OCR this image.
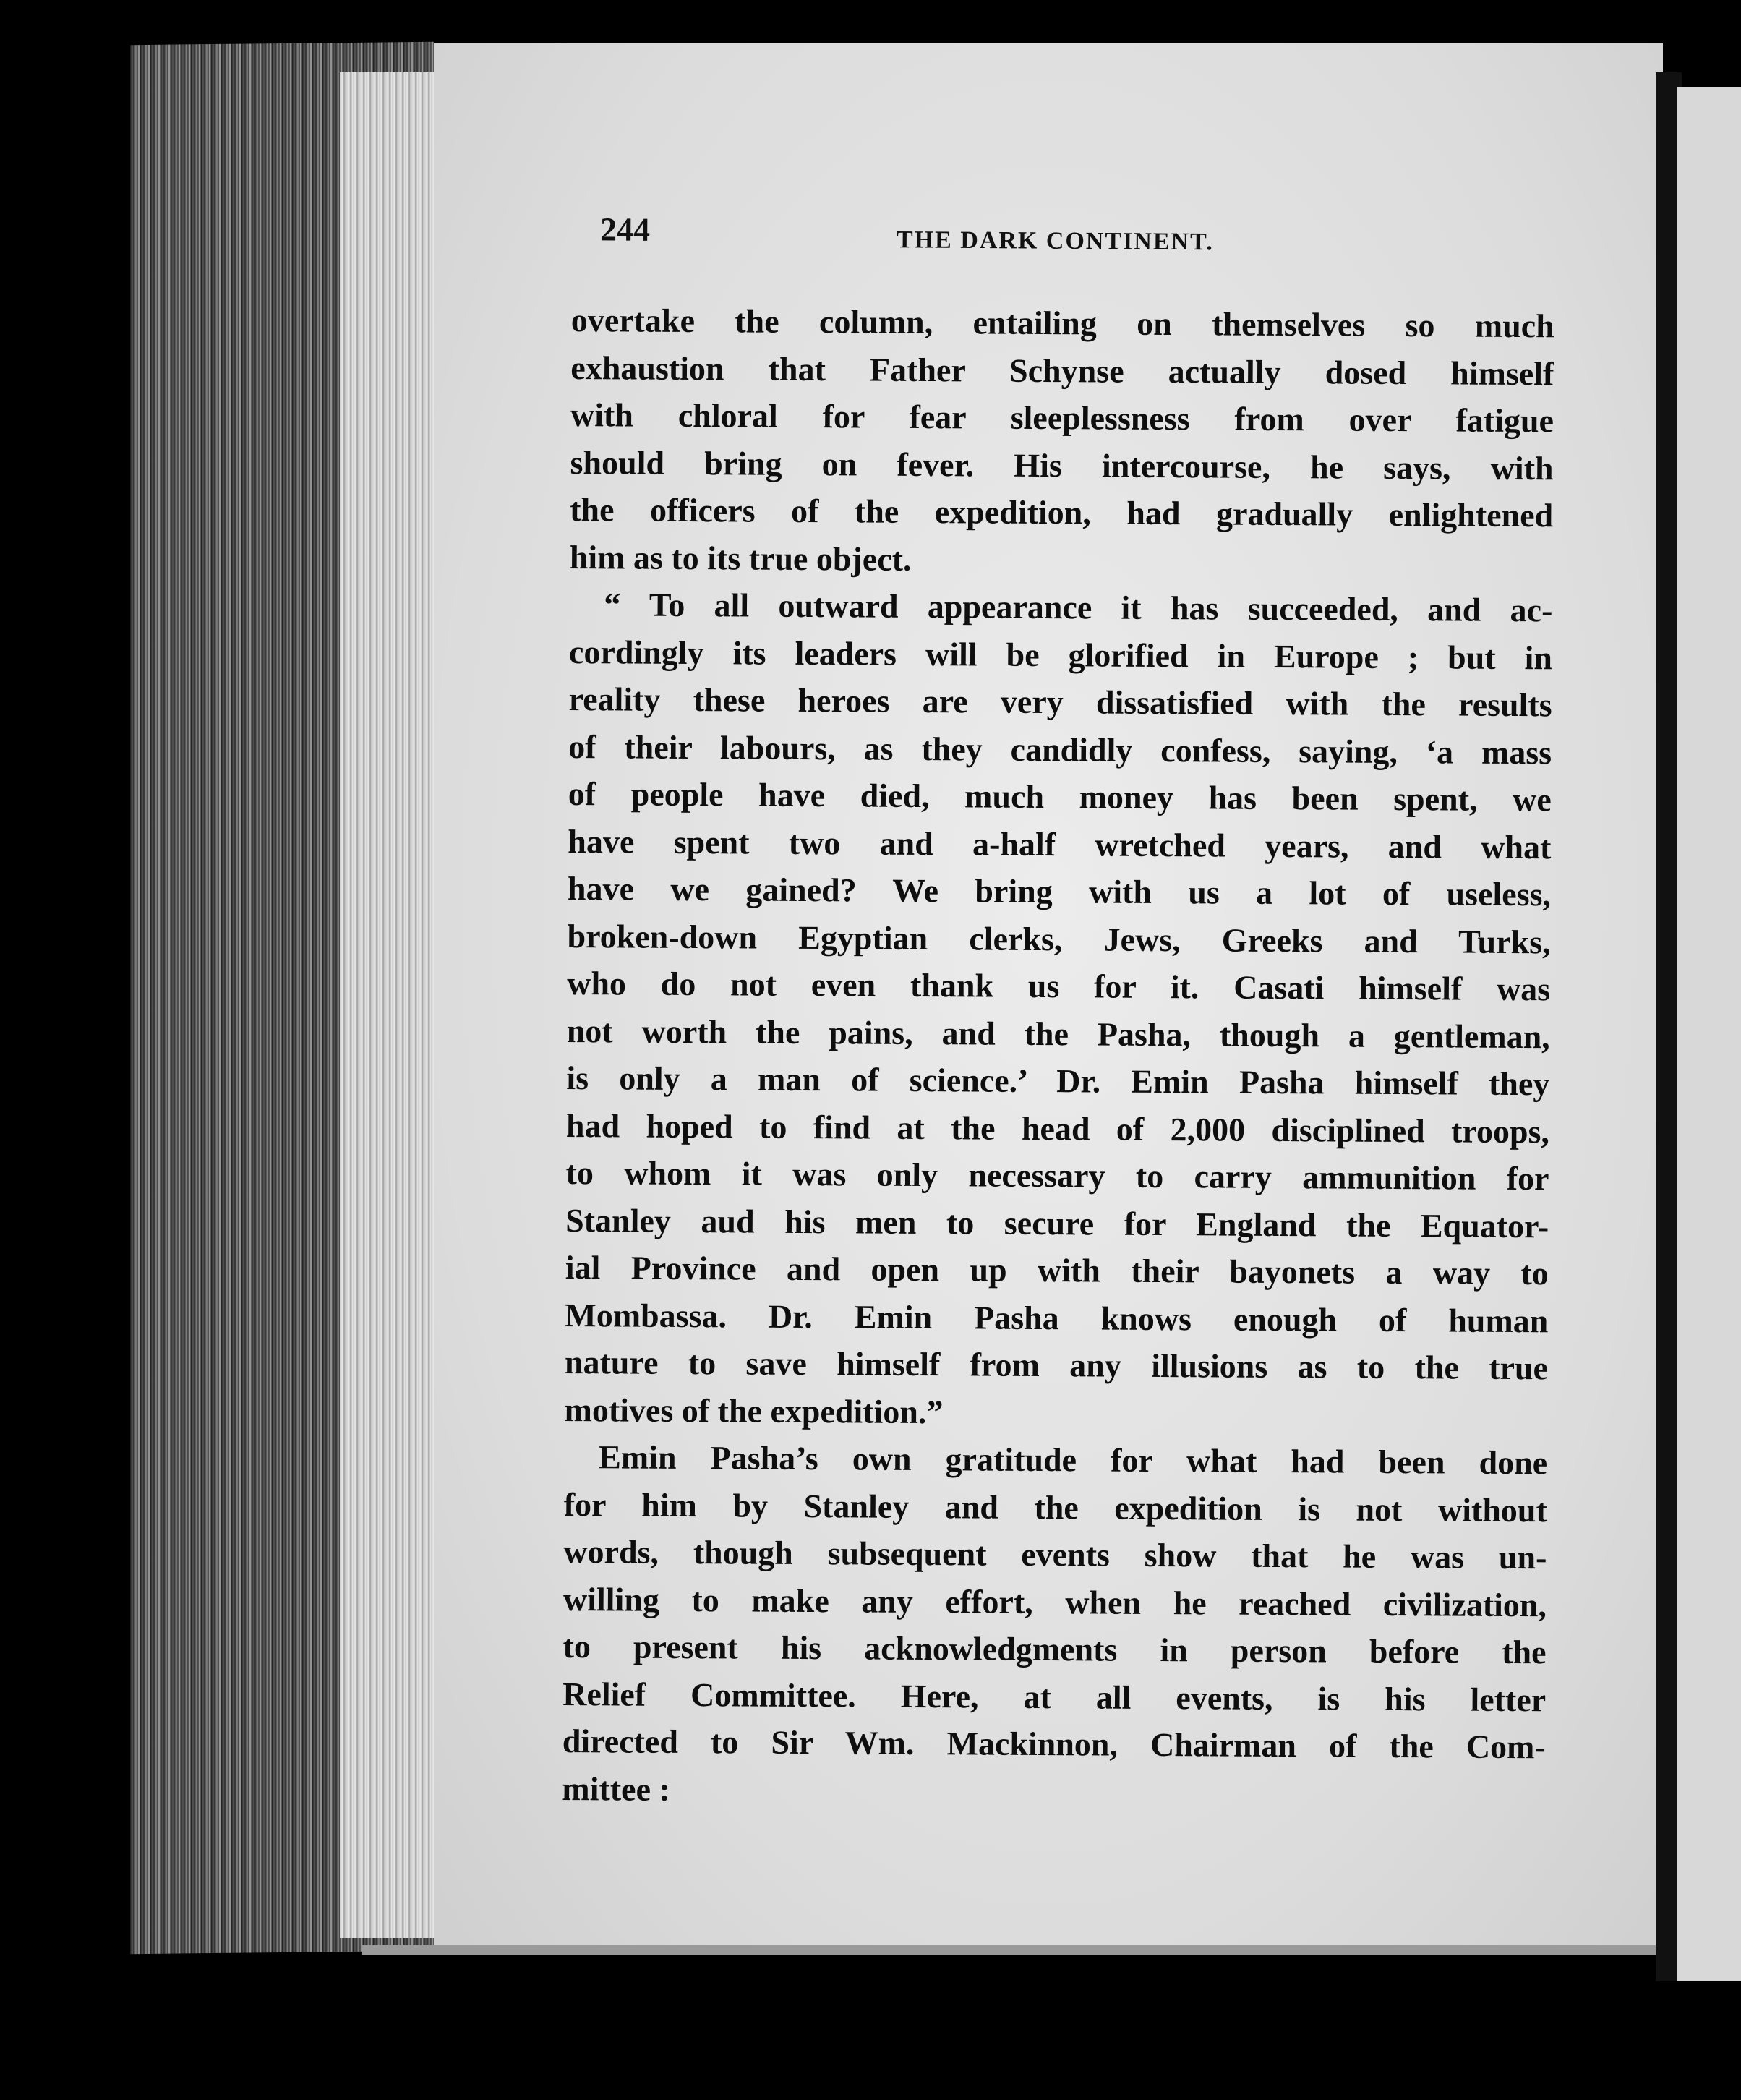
244	THE DARK CONTINENT.
overtake the column, entailing on themselves so much
exhaustion that Father Schynse actually dosed himself
with chloral for fear sleeplessness from over fatigue
should bring on fever. His intercourse, he says, with
the officers of the expedition, had gradually enlightened
him as to its true object.
“ To all outward appearance it has succeeded, and ac-
cordingly its leaders will be glorified in Europe ; but in
reality these heroes are very dissatisfied with the results
of their labours, as they candidly confess, saying, ‘a mass
of people have died, much money has been spent, we
have spent two and a-half wretched years, and what
have we gained? We bring with us a lot of useless,
broken-down Egyptian clerks, Jews, Greeks and Turks,
who do not even thank us for it. Casati himself was
not worth the pains, and the Pasha, though a gentleman,
is only a man of science.’ Dr. Emin Pasha himself they
had hoped to find at the head of 2,000 disciplined troops,
to whom it was only necessary to carry ammunition for
Stanley aud his men to secure for England the Equator-
ial Province and open up with their bayonets a way to
Mombassa. Dr. Emin Pasha knows enough of human
nature to save himself from any illusions as to the true
motives of the expedition.”
Emin Pasha’s own gratitude for what had been done
for him by Stanley and the expedition is not without
words, though subsequent events show that he was un-
willing to make any effort, when he reached civilization,
to present his acknowledgments in person before the
Relief Committee. Here, at all events, is his letter
directed to Sir Wm. Mackinnon, Chairman of the Com-
mittee :
